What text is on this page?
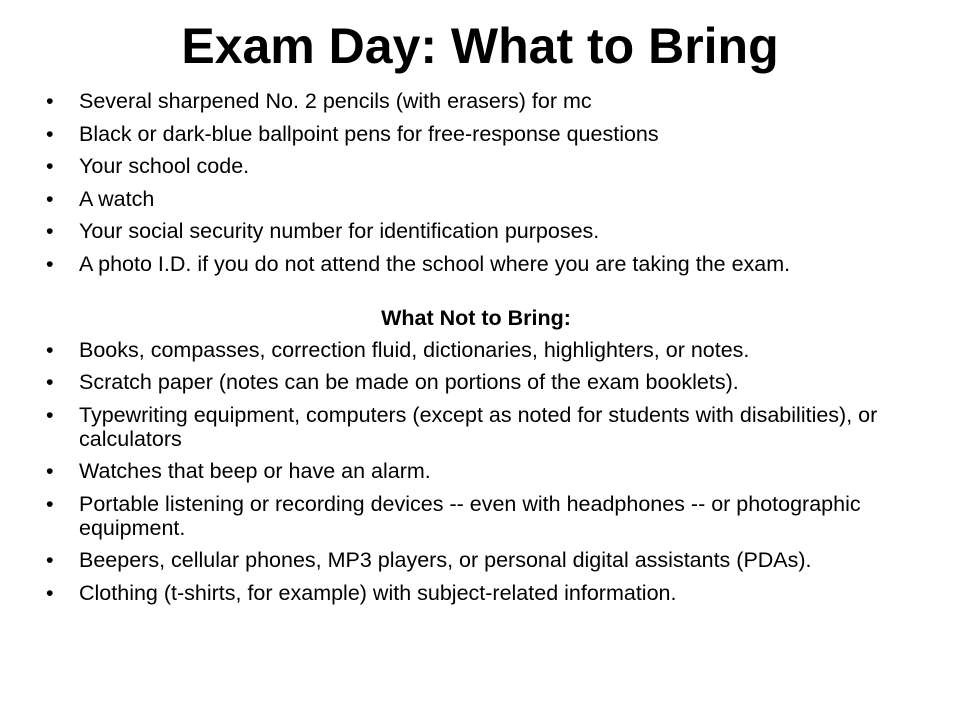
Exam Day: What to Bring
• Several sharpened No. 2 pencils (with erasers) for mc
• Black or dark-blue ballpoint pens for free-response questions
• Your school code.
• A watch
• Your social security number for identification purposes.
• A photo I.D. if you do not attend the school where you are taking the exam.
What Not to Bring:
• Books, compasses, correction fluid, dictionaries, highlighters, or notes.
• Scratch paper (notes can be made on portions of the exam booklets).
• Typewriting equipment, computers (except as noted for students with disabilities), or calculators
• Watches that beep or have an alarm.
• Portable listening or recording devices -- even with headphones -- or photographic equipment.
• Beepers, cellular phones, MP3 players, or personal digital assistants (PDAs).
• Clothing (t-shirts, for example) with subject-related information.
